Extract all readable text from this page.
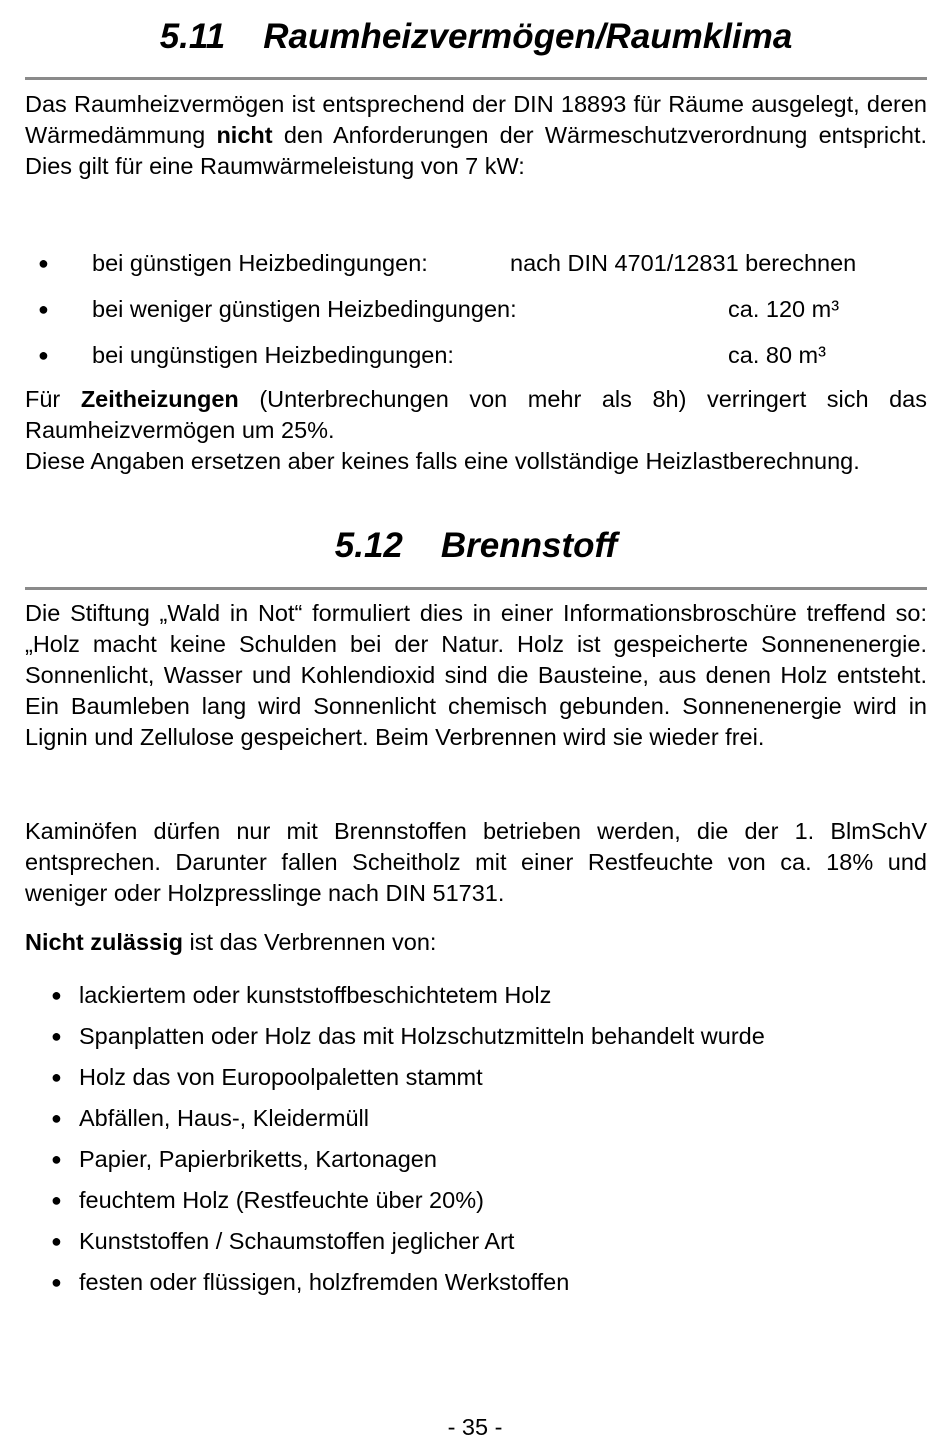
5.11 Raumheizvermögen/Raumklima

Das Raumheizvermögen ist entsprechend der DIN 18893 für Räume ausgelegt, deren Wärmedämmung nicht den Anforderungen der Wärmeschutzverordnung entspricht. Dies gilt für eine Raumwärmeleistung von 7 kW:

● bei günstigen Heizbedingungen:	nach DIN 4701/12831 berechnen
● bei weniger günstigen Heizbedingungen:	ca. 120 m³
● bei ungünstigen Heizbedingungen:	ca. 80 m³

Für Zeitheizungen (Unterbrechungen von mehr als 8h) verringert sich das Raumheizvermögen um 25%.

Diese Angaben ersetzen aber keines falls eine vollständige Heizlastberechnung.

5.12 Brennstoff

Die Stiftung „Wald in Not“ formuliert dies in einer Informationsbroschüre treffend so: „Holz macht keine Schulden bei der Natur. Holz ist gespeicherte Sonnenenergie. Sonnenlicht, Wasser und Kohlendioxid sind die Bausteine, aus denen Holz entsteht. Ein Baumleben lang wird Sonnenlicht chemisch gebunden. Sonnenenergie wird in Lignin und Zellulose gespeichert. Beim Verbrennen wird sie wieder frei.

Kaminöfen dürfen nur mit Brennstoffen betrieben werden, die der 1. BlmSchV entsprechen. Darunter fallen Scheitholz mit einer Restfeuchte von ca. 18% und weniger oder Holzpresslinge nach DIN 51731.

Nicht zulässig ist das Verbrennen von:

● lackiertem oder kunststoffbeschichtetem Holz
● Spanplatten oder Holz das mit Holzschutzmitteln behandelt wurde
● Holz das von Europoolpaletten stammt
● Abfällen, Haus-, Kleidermüll
● Papier, Papierbriketts, Kartonagen
● feuchtem Holz (Restfeuchte über 20%)
● Kunststoffen / Schaumstoffen jeglicher Art
● festen oder flüssigen, holzfremden Werkstoffen
- 35 -
